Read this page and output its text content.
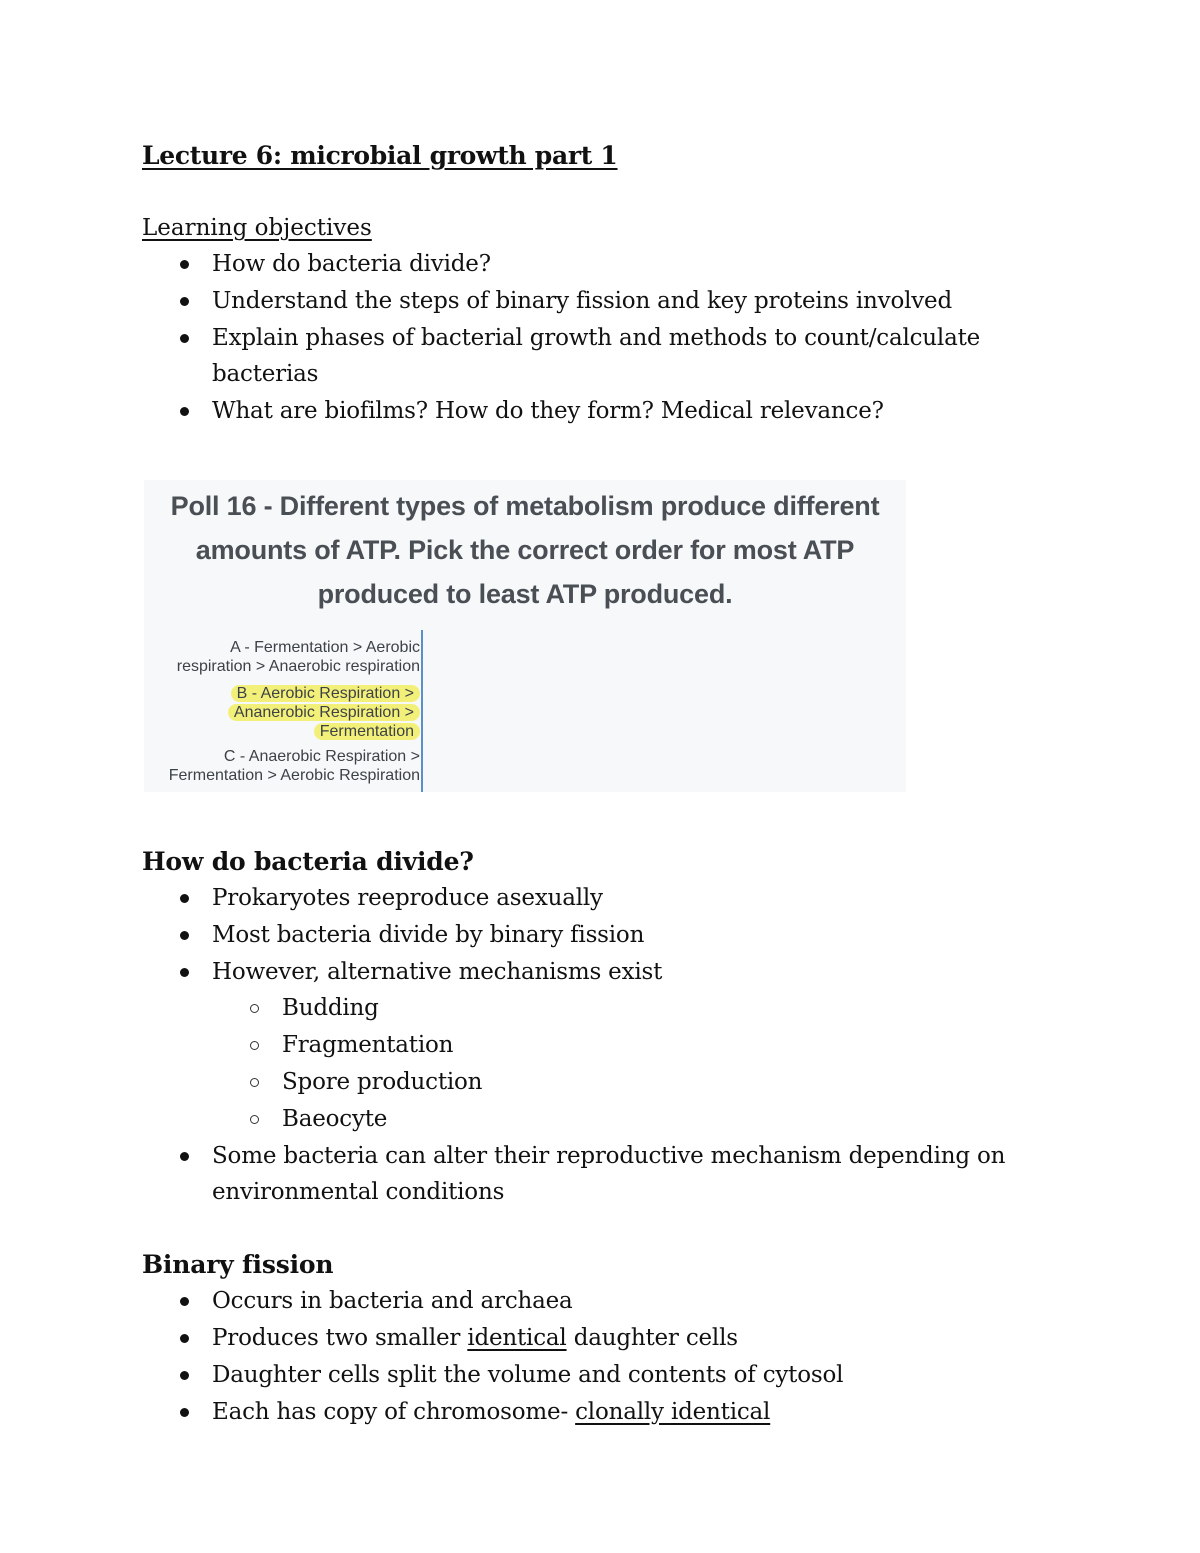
Lecture 6: microbial growth part 1
Learning objectives
How do bacteria divide?
Understand the steps of binary fission and key proteins involved
Explain phases of bacterial growth and methods to count/calculate bacterias
What are biofilms? How do they form? Medical relevance?
Poll 16 - Different types of metabolism produce different amounts of ATP. Pick the correct order for most ATP produced to least ATP produced.
A - Fermentation > Aerobic
respiration > Anaerobic respiration
B - Aerobic Respiration >
Ananerobic Respiration >
Fermentation
C - Anaerobic Respiration >
Fermentation > Aerobic Respiration
How do bacteria divide?
Prokaryotes reeproduce asexually
Most bacteria divide by binary fission
However, alternative mechanisms exist
Budding
Fragmentation
Spore production
Baeocyte
Some bacteria can alter their reproductive mechanism depending on environmental conditions
Binary fission
Occurs in bacteria and archaea
Produces two smaller identical daughter cells
Daughter cells split the volume and contents of cytosol
Each has copy of chromosome- clonally identical
